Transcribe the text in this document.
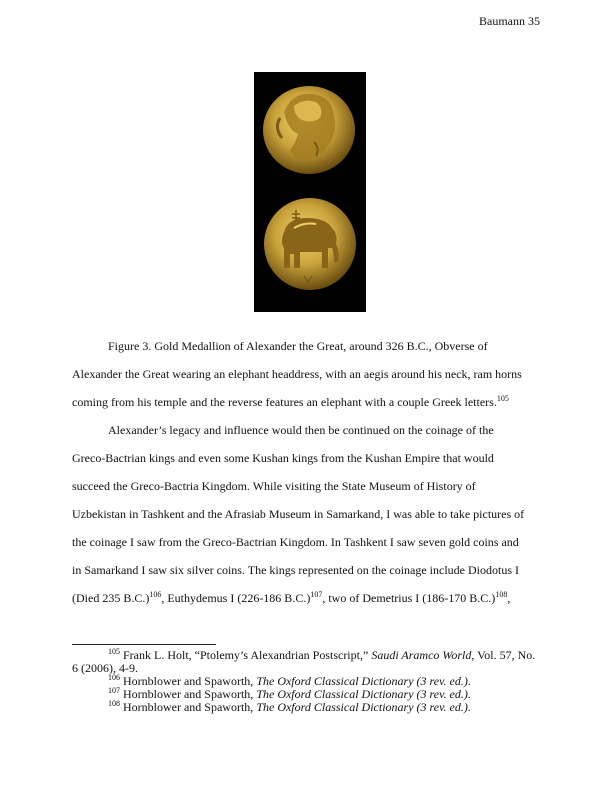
Baumann 35
Figure 3. Gold Medallion of Alexander the Great, around 326 B.C., Obverse of
Alexander the Great wearing an elephant headdress, with an aegis around his neck, ram horns
coming from his temple and the reverse features an elephant with a couple Greek letters.$^{105}$
Alexander’s legacy and influence would then be continued on the coinage of the
Greco-Bactrian kings and even some Kushan kings from the Kushan Empire that would
succeed the Greco-Bactria Kingdom. While visiting the State Museum of History of
Uzbekistan in Tashkent and the Afrasiab Museum in Samarkand, I was able to take pictures of
the coinage I saw from the Greco-Bactrian Kingdom. In Tashkent I saw seven gold coins and
in Samarkand I saw six silver coins. The kings represented on the coinage include Diodotus I
(Died 235 B.C.)$^{106}$, Euthydemus I (226-186 B.C.)$^{107}$, two of Demetrius I (186-170 B.C.)$^{108}$,

$^{105}$ Frank L. Holt, “Ptolemy’s Alexandrian Postscript,” Saudi Aramco World, Vol. 57, No. 6 (2006), 4-9.

$^{106}$ Hornblower and Spaworth, The Oxford Classical Dictionary (3 rev. ed.).

$^{107}$ Hornblower and Spaworth, The Oxford Classical Dictionary (3 rev. ed.).

$^{108}$ Hornblower and Spaworth, The Oxford Classical Dictionary (3 rev. ed.).
